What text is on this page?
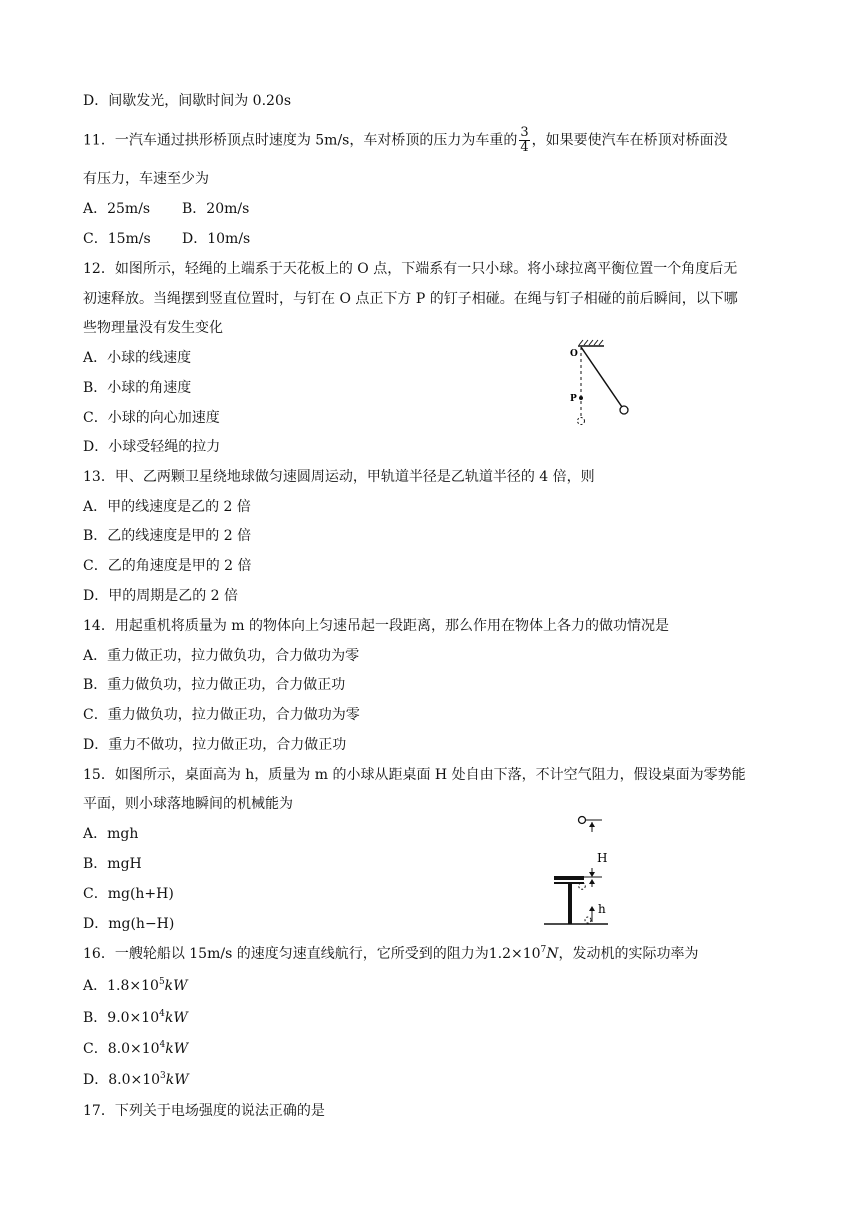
D．间歇发光，间歇时间为 0.20s
11．一汽车通过拱形桥顶点时速度为 5m/s，车对桥顶的压力为车重的 $\frac{3}{4}$ ，如果要使汽车在桥顶对桥面没
有压力，车速至少为
A．25m/s B．20m/s
C．15m/s D．10m/s
12．如图所示，轻绳的上端系于天花板上的 O 点，下端系有一只小球。将小球拉离平衡位置一个角度后无
初速释放。当绳摆到竖直位置时，与钉在 O 点正下方 P 的钉子相碰。在绳与钉子相碰的前后瞬间，以下哪
些物理量没有发生变化
A．小球的线速度
B．小球的角速度
C．小球的向心加速度
D．小球受轻绳的拉力
O
P
13．甲、乙两颗卫星绕地球做匀速圆周运动，甲轨道半径是乙轨道半径的 4 倍，则
A．甲的线速度是乙的 2 倍
B．乙的线速度是甲的 2 倍
C．乙的角速度是甲的 2 倍
D．甲的周期是乙的 2 倍
14．用起重机将质量为 m 的物体向上匀速吊起一段距离，那么作用在物体上各力的做功情况是
A．重力做正功，拉力做负功，合力做功为零
B．重力做负功，拉力做正功，合力做正功
C．重力做负功，拉力做正功，合力做功为零
D．重力不做功，拉力做正功，合力做正功
15．如图所示，桌面高为 h，质量为 m 的小球从距桌面 H 处自由下落，不计空气阻力，假设桌面为零势能
平面，则小球落地瞬间的机械能为
A．mgh
B．mgH
C．mg(h+H)
D．mg(h−H)
H
h
16．一艘轮船以 15m/s 的速度匀速直线航行，它所受到的阻力为$1.2\times 10^7N$，发动机的实际功率为
A．$1.8\times 10^5kW$
B．$9.0\times 10^4kW$
C．$8.0\times 10^4kW$
D．$8.0\times 10^3kW$
17．下列关于电场强度的说法正确的是
